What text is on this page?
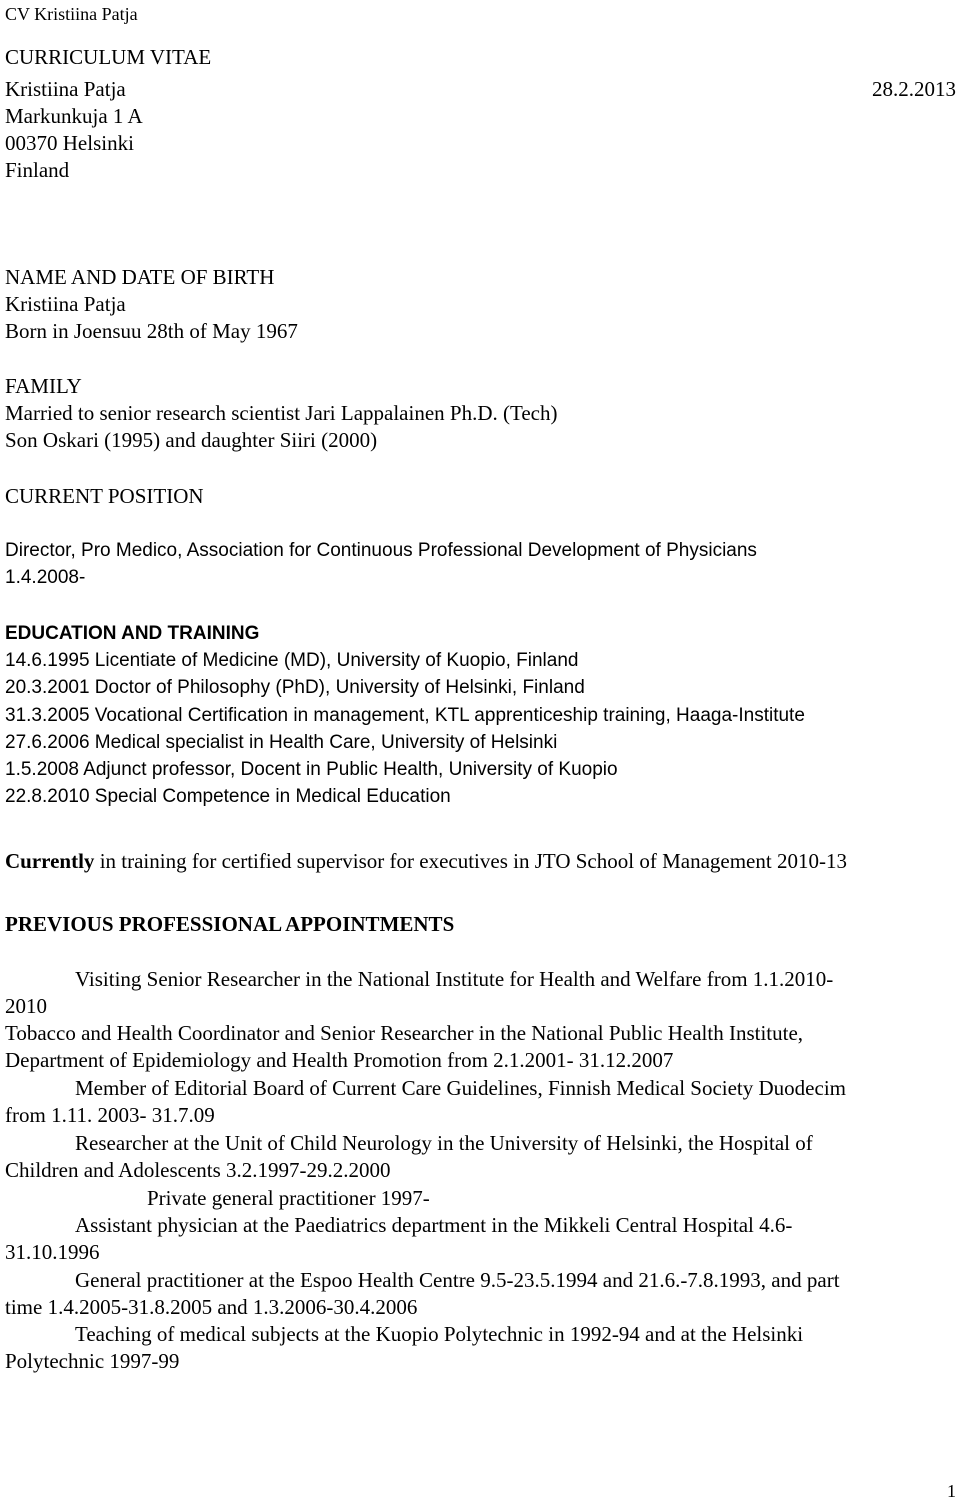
CV Kristiina Patja
CURRICULUM VITAE
28.2.2013
Kristiina Patja
Markunkuja 1 A
00370 Helsinki
Finland
NAME AND DATE OF BIRTH
Kristiina Patja
Born in Joensuu 28th of May 1967
FAMILY
Married to senior research scientist Jari Lappalainen Ph.D. (Tech)
Son Oskari (1995) and daughter Siiri (2000)
CURRENT POSITION
Director, Pro Medico, Association for Continuous Professional Development of Physicians
1.4.2008-
EDUCATION AND TRAINING
14.6.1995 Licentiate of Medicine (MD), University of Kuopio, Finland
20.3.2001 Doctor of Philosophy (PhD), University of Helsinki, Finland
31.3.2005 Vocational Certification in management, KTL apprenticeship training, Haaga-Institute
27.6.2006 Medical specialist in Health Care, University of Helsinki
1.5.2008 Adjunct professor, Docent in Public Health, University of Kuopio
22.8.2010 Special Competence in Medical Education
Currently in training for certified supervisor for executives in JTO School of Management 2010-13
PREVIOUS PROFESSIONAL APPOINTMENTS
Visiting Senior Researcher in the National Institute for Health and Welfare from 1.1.2010-
2010
Tobacco and Health Coordinator and Senior Researcher in the National Public Health Institute,
Department of Epidemiology and Health Promotion from 2.1.2001- 31.12.2007
Member of Editorial Board of Current Care Guidelines, Finnish Medical Society Duodecim
from 1.11. 2003- 31.7.09
Researcher at the Unit of Child Neurology in the University of Helsinki, the Hospital of
Children and Adolescents 3.2.1997-29.2.2000
Private general practitioner 1997-
Assistant physician at the Paediatrics department in the Mikkeli Central Hospital 4.6-
31.10.1996
General practitioner at the Espoo Health Centre 9.5-23.5.1994 and 21.6.-7.8.1993, and part
time 1.4.2005-31.8.2005 and 1.3.2006-30.4.2006
Teaching of medical subjects at the Kuopio Polytechnic in 1992-94 and at the Helsinki
Polytechnic 1997-99
1
